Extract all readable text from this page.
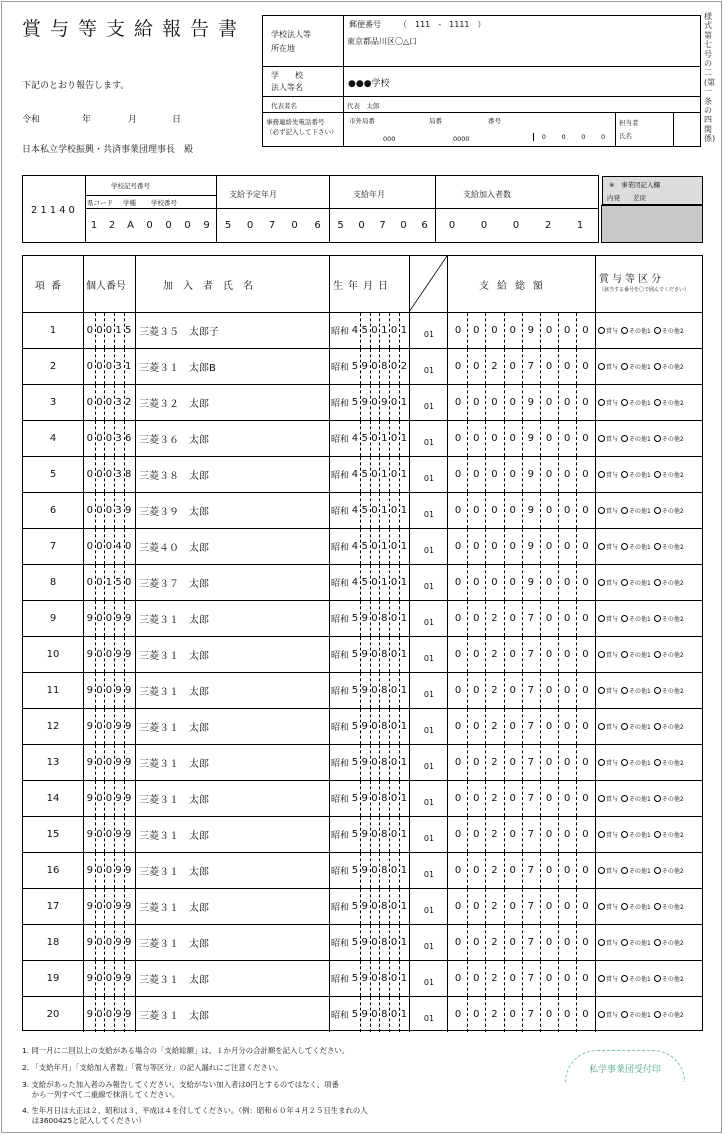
賞与等支給報告書
様式第七号の二(第一条の四関係)
下記のとおり報告します。
令和	年	月	日
日本私立学校振興・共済事業団理事長　殿
学校法人等
所在地
郵便番号 （　111　-　1111　）
東京都品川区〇△口
学　　校
法人等名	●●●学校
代表者名	代表　太郎
事務連絡先電話番号
（必ず記入して下さい）
市外局番	局番	番号
000	0000	0 0 0 0
担当者
氏名
21140
学校記号番号
県コード 学種 学校番号
支給予定年月	支給年月	支給加入者数
1	2	A	0	0	0	9	5	0	7	0	6	5	0	7	0	6	0	0	0	2	1
※　事業団記入欄
内発 差戻
項番 個人番号	加入者氏名	生年月日	支給総額
賞与等区分
（該当する番号を〇で囲んでください）
1	0 0 0 1 5 三菱３５　太郎子	昭和 4 5 0 1 0 1	01	0	0	0	0	9	0	0	0	賞与 その他1 その他2
2	0 0 0 3 1 三菱３１　太郎B	昭和 5 9 0 8 0 2	01	0	0	2	0	7	0	0	0	賞与 その他1 その他2
3	0 0 0 3 2 三菱３２　太郎	昭和 5 9 0 9 0 1	01	0	0	0	0	9	0	0	0	賞与 その他1 その他2
4	0 0 0 3 6 三菱３６　太郎	昭和 4 5 0 1 0 1	01	0	0	0	0	9	0	0	0	賞与 その他1 その他2
5	0 0 0 3 8 三菱３８　太郎	昭和 4 5 0 1 0 1	01	0	0	0	0	9	0	0	0	賞与 その他1 その他2
6	0 0 0 3 9 三菱３９　太郎	昭和 4 5 0 1 0 1	01	0	0	0	0	9	0	0	0	賞与 その他1 その他2
7	0 0 0 4 0 三菱４０　太郎	昭和 4 5 0 1 0 1	01	0	0	0	0	9	0	0	0	賞与 その他1 その他2
8	0 0 1 5 0 三菱３７　太郎	昭和 4 5 0 1 0 1	01	0	0	0	0	9	0	0	0	賞与 その他1 その他2
9	9 0 0 9 9 三菱３１　太郎	昭和 5 9 0 8 0 1	01	0	0	2	0	7	0	0	0	賞与 その他1 その他2
10	9 0 0 9 9 三菱３１　太郎	昭和 5 9 0 8 0 1	01	0	0	2	0	7	0	0	0	賞与 その他1 その他2
11	9 0 0 9 9 三菱３１　太郎	昭和 5 9 0 8 0 1	01	0	0	2	0	7	0	0	0	賞与 その他1 その他2
12	9 0 0 9 9 三菱３１　太郎	昭和 5 9 0 8 0 1	01	0	0	2	0	7	0	0	0	賞与 その他1 その他2
13	9 0 0 9 9 三菱３１　太郎	昭和 5 9 0 8 0 1	01	0	0	2	0	7	0	0	0	賞与 その他1 その他2
14	9 0 0 9 9 三菱３１　太郎	昭和 5 9 0 8 0 1	01	0	0	2	0	7	0	0	0	賞与 その他1 その他2
15	9 0 0 9 9 三菱３１　太郎	昭和 5 9 0 8 0 1	01	0	0	2	0	7	0	0	0	賞与 その他1 その他2
16	9 0 0 9 9 三菱３１　太郎	昭和 5 9 0 8 0 1	01	0	0	2	0	7	0	0	0	賞与 その他1 その他2
17	9 0 0 9 9 三菱３１　太郎	昭和 5 9 0 8 0 1	01	0	0	2	0	7	0	0	0	賞与 その他1 その他2
18	9 0 0 9 9 三菱３１　太郎	昭和 5 9 0 8 0 1	01	0	0	2	0	7	0	0	0	賞与 その他1 その他2
19	9 0 0 9 9 三菱３１　太郎	昭和 5 9 0 8 0 1	01	0	0	2	0	7	0	0	0	賞与 その他1 その他2
20	9 0 0 9 9 三菱３１　太郎	昭和 5 9 0 8 0 1	01	0	0	2	0	7	0	0	0	賞与 その他1 その他2
1. 同一月に二回以上の支給がある場合の「支給総額」は、１か月分の合計額を記入してください。
2. 「支給年月」「支給加入者数」「賞与等区分」の記入漏れにご注意ください。
3. 支給があった加入者のみ報告してください。支給がない加入者は0円とするのではなく、項番
　 から一列すべて二重線で抹消してください。
4. 生年月日は大正は２、昭和は３、平成は４を付してください。（例：昭和６０年４月２５日生まれの人
　 は3600425と記入してください）
私学事業団受付印
